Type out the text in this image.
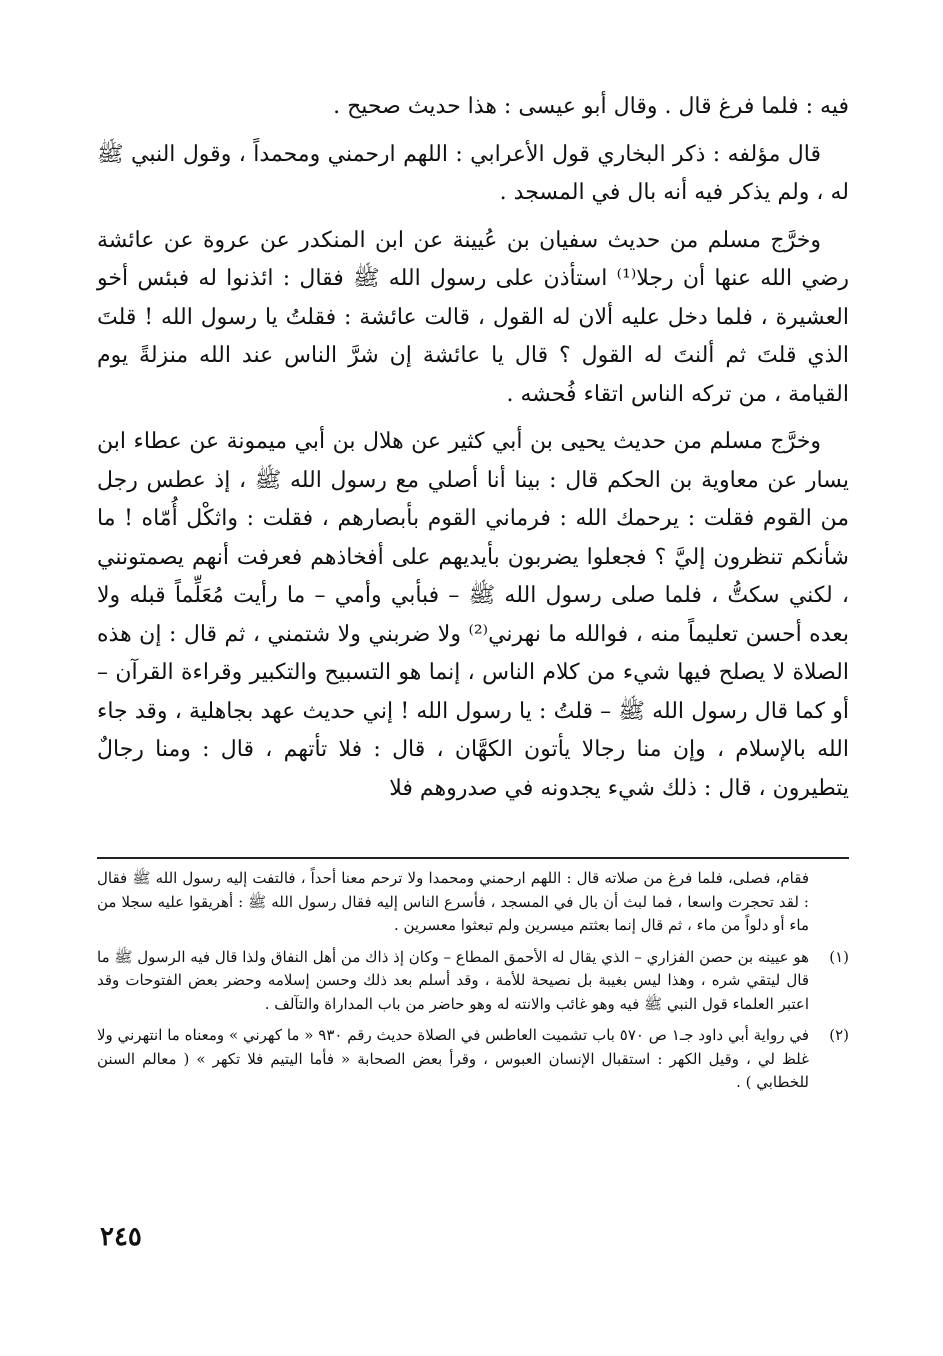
فيه : فلما فرغ قال . وقال أبو عيسى : هذا حديث صحيح .

قال مؤلفه : ذكر البخاري قول الأعرابي : اللهم ارحمني ومحمداً ، وقول النبي ﷺ له ، ولم يذكر فيه أنه بال في المسجد .

وخرَّج مسلم من حديث سفيان بن عُيينة عن ابن المنكدر عن عروة عن عائشة رضي الله عنها أن رجلا⁽¹⁾ استأذن على رسول الله ﷺ فقال : ائذنوا له فبئس أخو العشيرة ، فلما دخل عليه ألان له القول ، قالت عائشة : فقلتُ يا رسول الله ! قلتَ الذي قلتَ ثم ألنتَ له القول ؟ قال يا عائشة إن شرَّ الناس عند الله منزلةً يوم القيامة ، من تركه الناس اتقاء فُحشه .

وخرَّج مسلم من حديث يحيى بن أبي كثير عن هلال بن أبي ميمونة عن عطاء ابن يسار عن معاوية بن الحكم قال : بينا أنا أصلي مع رسول الله ﷺ ، إذ عطس رجل من القوم فقلت : يرحمك الله : فرماني القوم بأبصارهم ، فقلت : واثكْل أُمّاه ! ما شأنكم تنظرون إليَّ ؟ فجعلوا يضربون بأيديهم على أفخاذهم فعرفت أنهم يصمتونني ، لكني سكتُّ ، فلما صلى رسول الله ﷺ – فبأبي وأمي – ما رأيت مُعَلِّماً قبله ولا بعده أحسن تعليماً منه ، فوالله ما نهرني⁽²⁾ ولا ضربني ولا شتمني ، ثم قال : إن هذه الصلاة لا يصلح فيها شيء من كلام الناس ، إنما هو التسبيح والتكبير وقراءة القرآن – أو كما قال رسول الله ﷺ – قلتُ : يا رسول الله ! إني حديث عهد بجاهلية ، وقد جاء الله بالإسلام ، وإن منا رجالا يأتون الكهَّان ، قال : فلا تأتهم ، قال : ومنا رجالٌ يتطيرون ، قال : ذلك شيء يجدونه في صدروهم فلا

فقام، فصلى، فلما فرغ من صلاته قال : اللهم ارحمني ومحمدا ولا ترحم معنا أحداً ، فالتفت إليه رسول الله ﷺ فقال : لقد تحجرت واسعا ، فما لبث أن بال في المسجد ، فأسرع الناس إليه فقال رسول الله ﷺ : أهريقوا عليه سجلا من ماء أو دلواً من ماء ، ثم قال إنما بعثتم ميسرين ولم تبعثوا معسرين .
(١)
هو عيينه بن حصن الفزاري – الذي يقال له الأحمق المطاع – وكان إذ ذاك من أهل النفاق ولذا قال فيه الرسول ﷺ ما قال ليتقي شره ، وهذا ليس بغيبة بل نصيحة للأمة ، وقد أسلم بعد ذلك وحسن إسلامه وحضر بعض الفتوحات وقد اعتبر العلماء قول النبي ﷺ فيه وهو غائب والانته له وهو حاضر من باب المداراة والتآلف .
(٢)
في رواية أبي داود جـ١ ص ٥٧٠ باب تشميت العاطس في الصلاة حديث رقم ٩٣٠ « ما كهرني » ومعناه ما انتهرني ولا غلظ لي ، وقيل الكهر : استقبال الإنسان العبوس ، وقرأ بعض الصحابة « فأما اليتيم فلا تكهر » ( معالم السنن للخطابي ) .
٢٤٥
